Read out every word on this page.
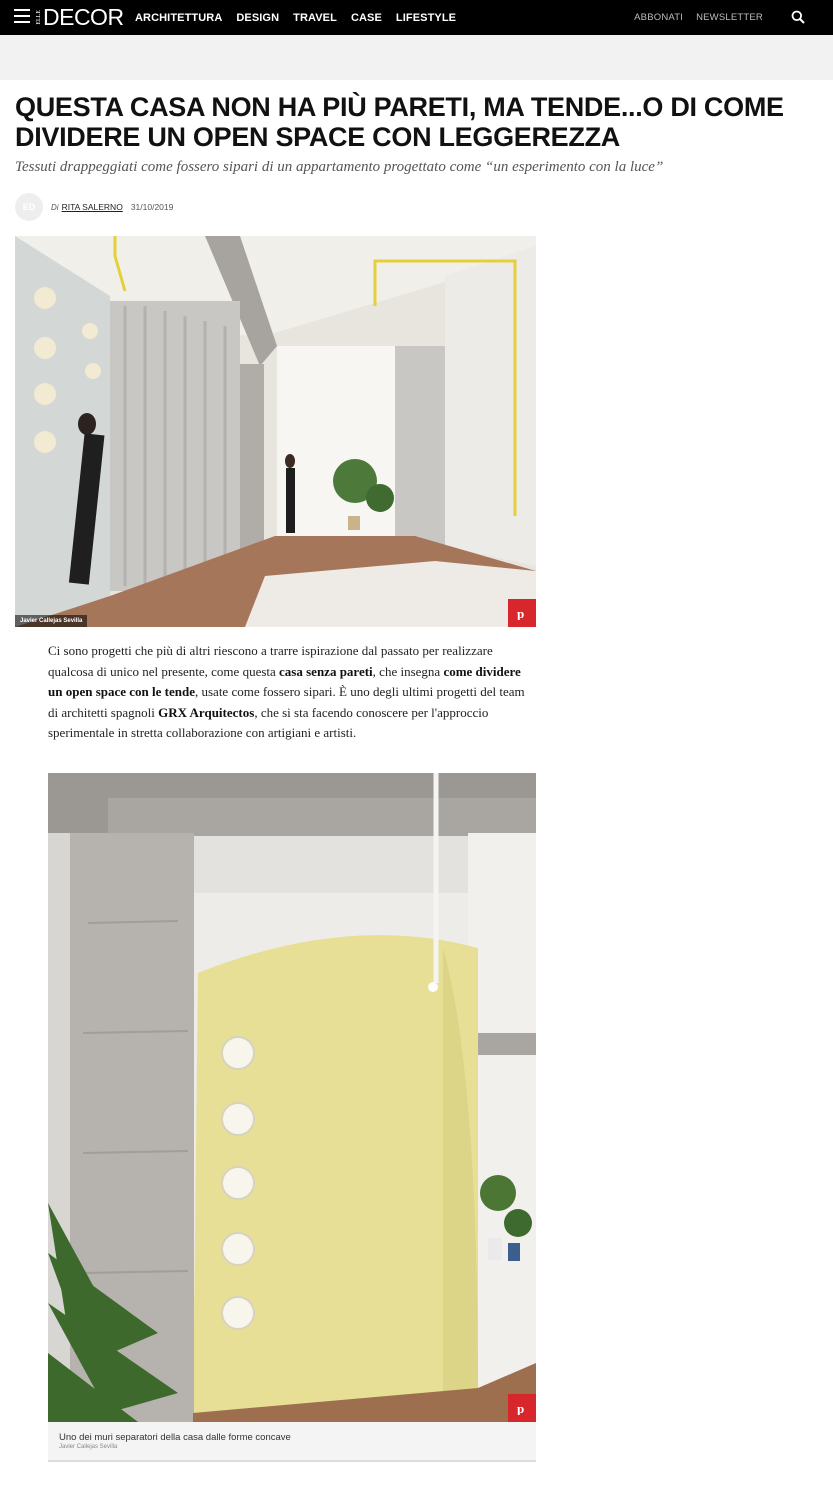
ELLE DECOR ARCHITETTURA DESIGN TRAVEL CASE LIFESTYLE	ABBONATI NEWSLETTER
QUESTA CASA NON HA PIÙ PARETI, MA TENDE...O DI COME DIVIDERE UN OPEN SPACE CON LEGGEREZZA

Tessuti drappeggiati come fossero sipari di un appartamento progettato come “un esperimento con la luce”

ED	Di RITA SALERNO 31/10/2019
Javier Callejas Sevilla	p

Ci sono progetti che più di altri riescono a trarre ispirazione dal passato per realizzare qualcosa di unico nel presente, come questa casa senza pareti, che insegna come dividere un open space con le tende, usate come fossero sipari. È uno degli ultimi progetti del team di architetti spagnoli GRX Arquitectos, che si sta facendo conoscere per l'approccio sperimentale in stretta collaborazione con artigiani e artisti.

p
Uno dei muri separatori della casa dalle forme concave
Javier Callejas Sevilla
